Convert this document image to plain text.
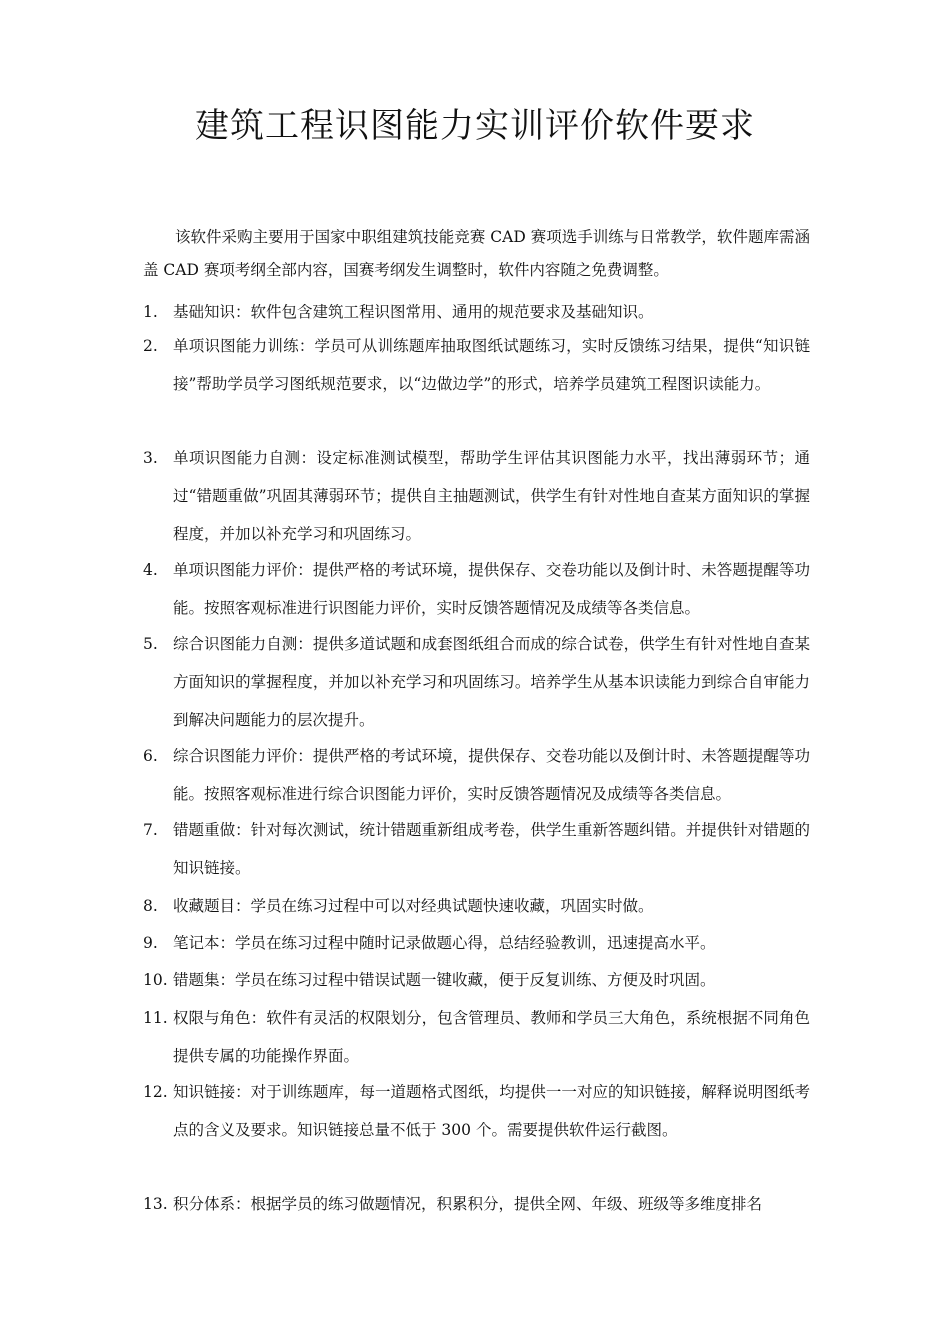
建筑工程识图能力实训评价软件要求

该软件采购主要用于国家中职组建筑技能竞赛 CAD 赛项选手训练与日常教学，软件题库需涵盖 CAD 赛项考纲全部内容，国赛考纲发生调整时，软件内容随之免费调整。

1. 基础知识：软件包含建筑工程识图常用、通用的规范要求及基础知识。
2. 单项识图能力训练：学员可从训练题库抽取图纸试题练习，实时反馈练习结果，提供“知识链接”帮助学员学习图纸规范要求，以“边做边学”的形式，培养学员建筑工程图识读能力。
3. 单项识图能力自测：设定标准测试模型，帮助学生评估其识图能力水平，找出薄弱环节；通过“错题重做”巩固其薄弱环节；提供自主抽题测试，供学生有针对性地自查某方面知识的掌握程度，并加以补充学习和巩固练习。
4. 单项识图能力评价：提供严格的考试环境，提供保存、交卷功能以及倒计时、未答题提醒等功能。按照客观标准进行识图能力评价，实时反馈答题情况及成绩等各类信息。
5. 综合识图能力自测：提供多道试题和成套图纸组合而成的综合试卷，供学生有针对性地自查某方面知识的掌握程度，并加以补充学习和巩固练习。培养学生从基本识读能力到综合自审能力到解决问题能力的层次提升。
6. 综合识图能力评价：提供严格的考试环境，提供保存、交卷功能以及倒计时、未答题提醒等功能。按照客观标准进行综合识图能力评价，实时反馈答题情况及成绩等各类信息。
7. 错题重做：针对每次测试，统计错题重新组成考卷，供学生重新答题纠错。并提供针对错题的知识链接。
8. 收藏题目：学员在练习过程中可以对经典试题快速收藏，巩固实时做。
9. 笔记本：学员在练习过程中随时记录做题心得，总结经验教训，迅速提高水平。
10. 错题集：学员在练习过程中错误试题一键收藏，便于反复训练、方便及时巩固。
11. 权限与角色：软件有灵活的权限划分，包含管理员、教师和学员三大角色，系统根据不同角色提供专属的功能操作界面。
12. 知识链接：对于训练题库，每一道题格式图纸，均提供一一对应的知识链接，解释说明图纸考点的含义及要求。知识链接总量不低于 300 个。需要提供软件运行截图。
13. 积分体系：根据学员的练习做题情况，积累积分，提供全网、年级、班级等多维度排名
